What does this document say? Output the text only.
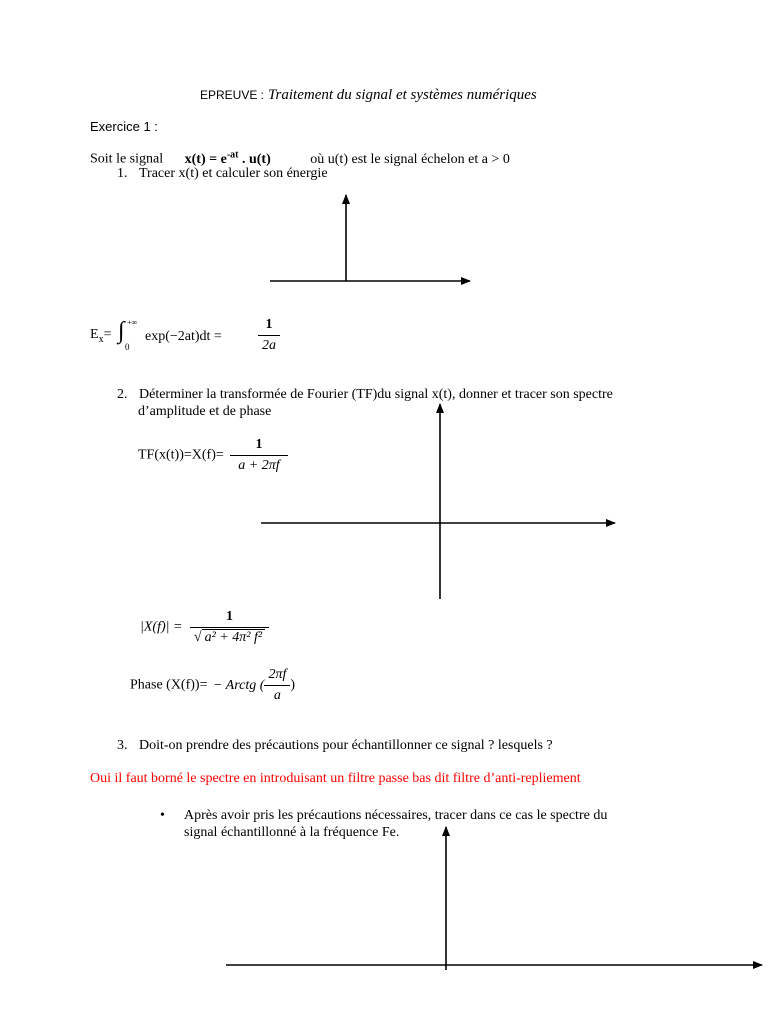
EPREUVE : Traitement du signal et systèmes numériques
Exercice 1 :
Soit le signal $x(t) = e^{-at}$ . u(t)	où u(t) est le signal échelon et a > 0
1. Tracer x(t) et calculer son énergie
$E_x=$ ∫ +∞
0
exp(−2at)dt =	$\frac{1}{2a}$
2. Déterminer la transformée de Fourier (TF)du signal x(t), donner et tracer son spectre
d’amplitude et de phase
$TF(x(t))=X(f)= \frac{1}{a + 2\pi f}$
$|X(f)| = \frac{1}{\text{√ a² + 4π² f²}}$
Phase (X(f))= − Arctg ( $\frac{2\pi f}{a}$ )
3. Doit-on prendre des précautions pour échantillonner ce signal ? lesquels ?
Oui il faut borné le spectre en introduisant un filtre passe bas dit filtre d’anti-repliement
• Après avoir pris les précautions nécessaires, tracer dans ce cas le spectre du
signal échantillonné à la fréquence Fe.
